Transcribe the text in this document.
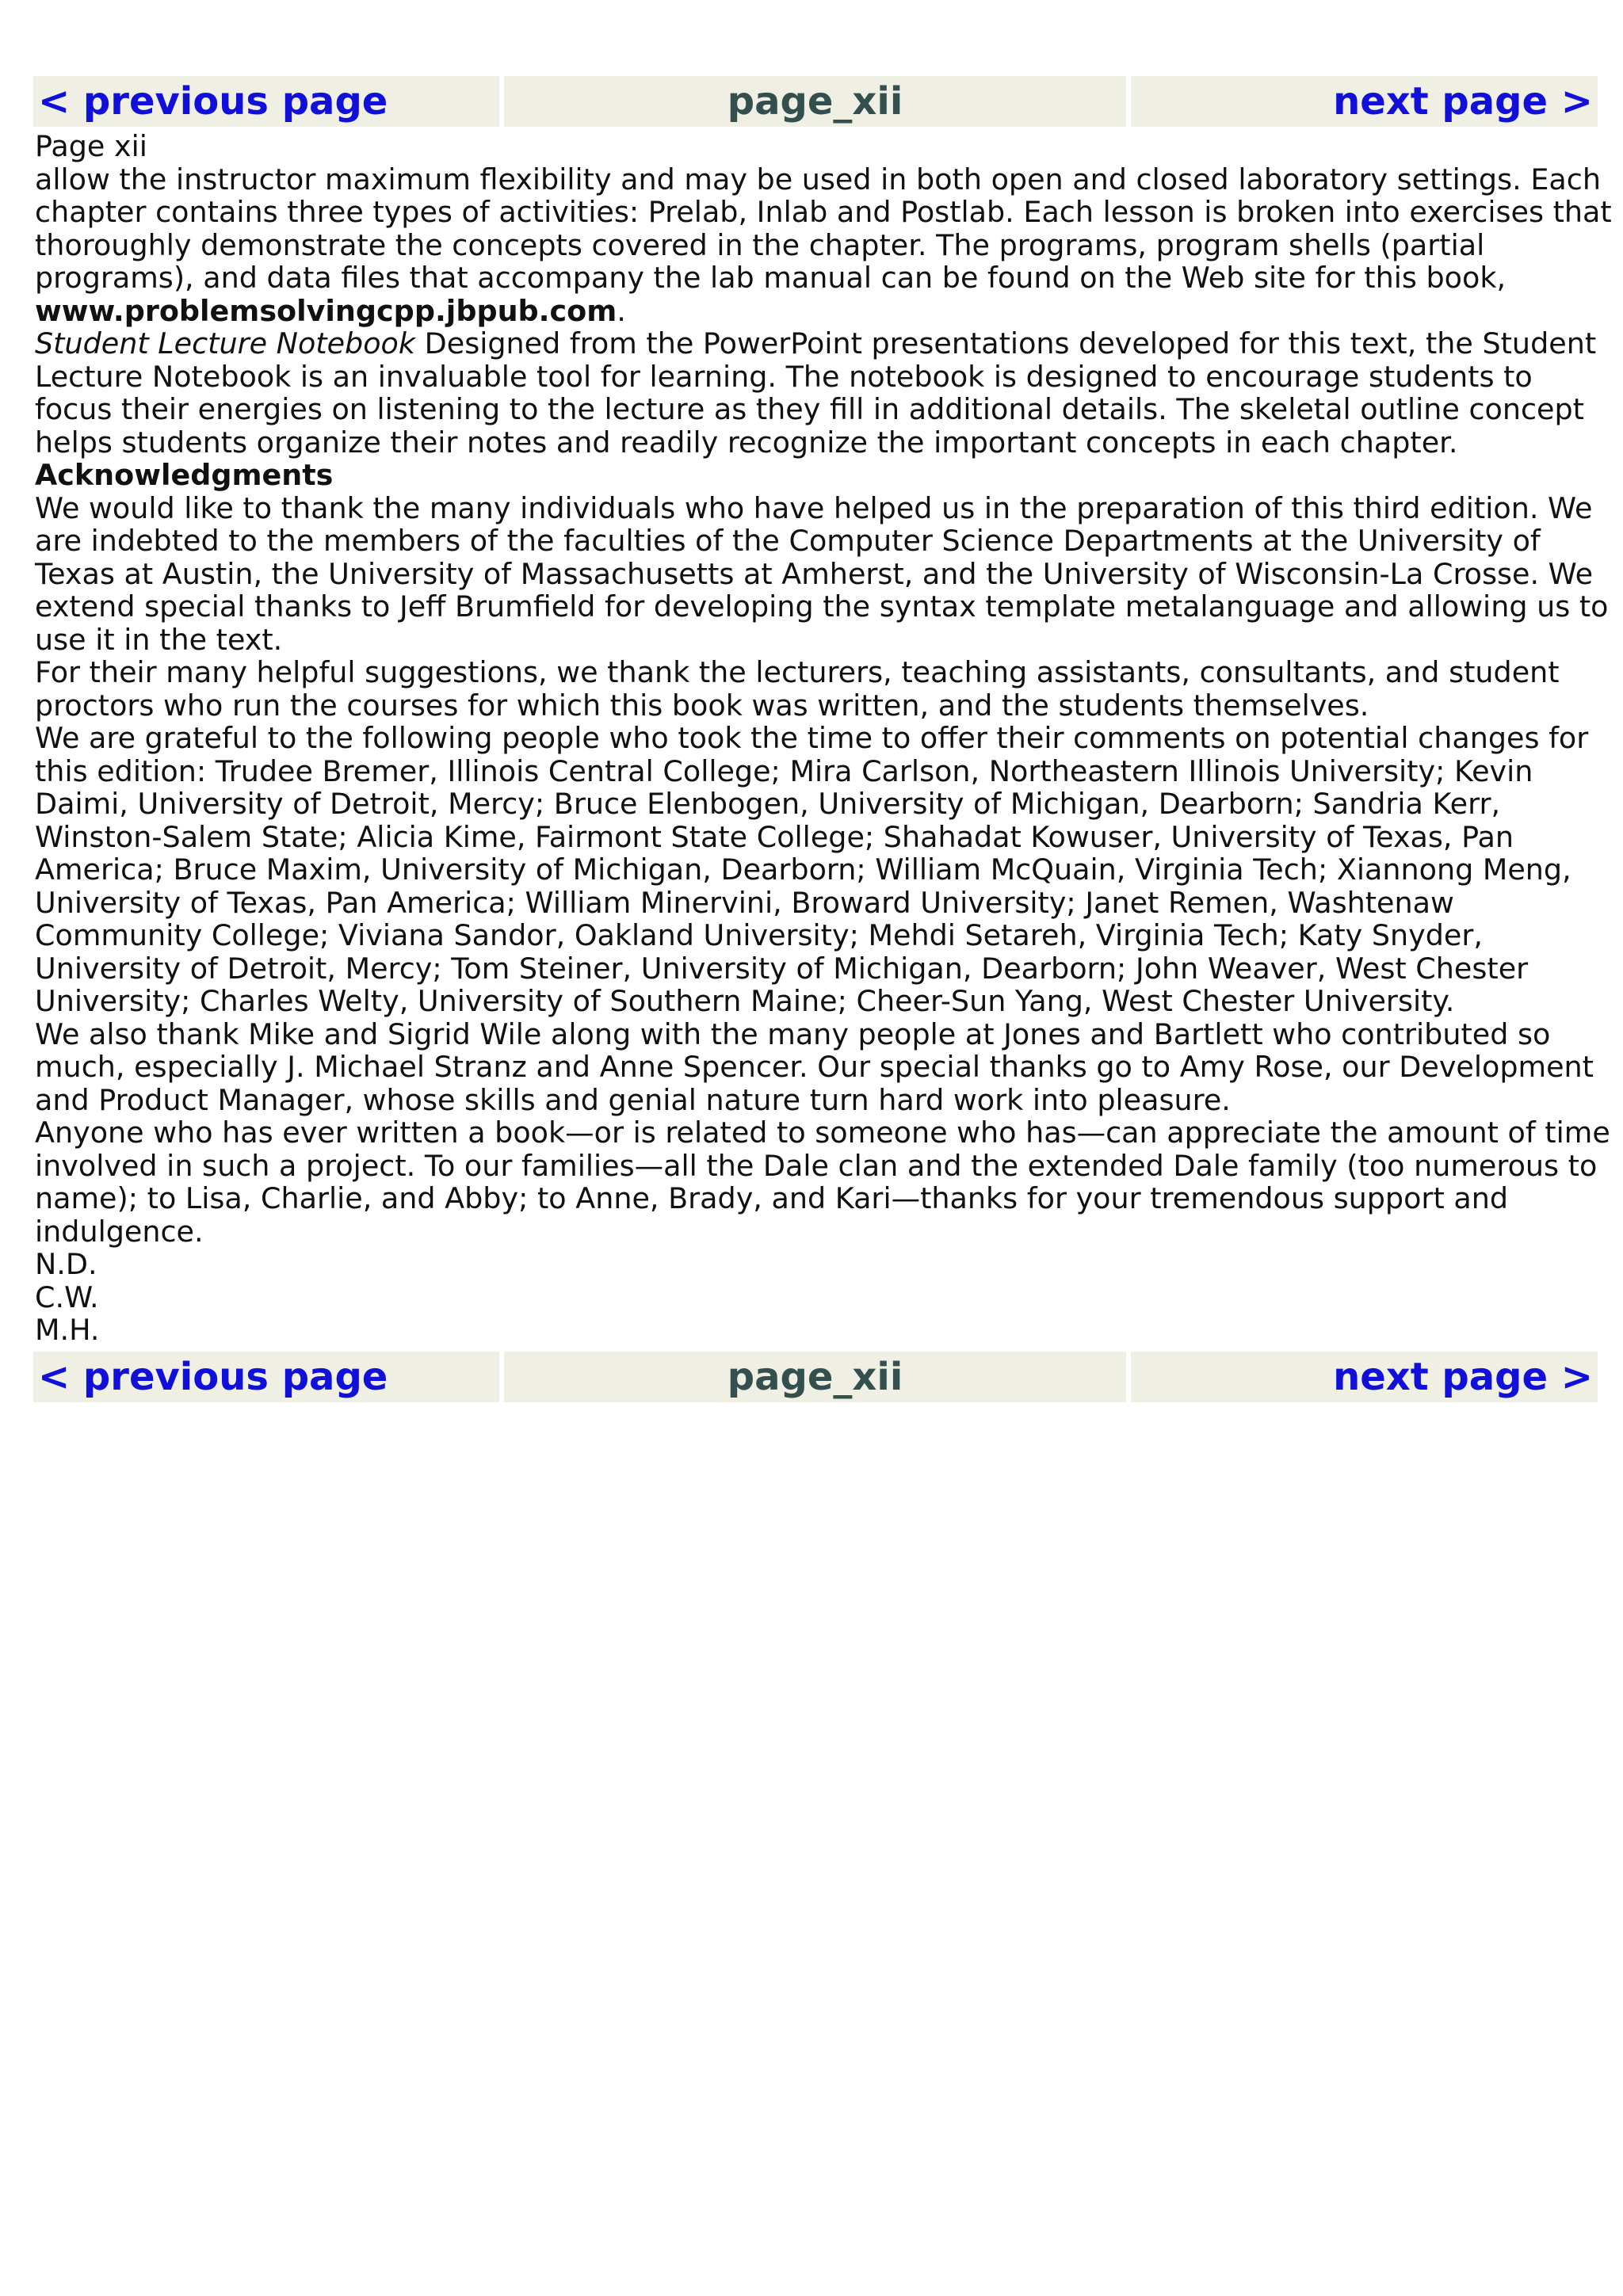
< previous page	page_xii	next page >

Page xii

allow the instructor maximum flexibility and may be used in both open and closed laboratory settings. Each chapter contains three types of activities: Prelab, Inlab and Postlab. Each lesson is broken into exercises that thoroughly demonstrate the concepts covered in the chapter. The programs, program shells (partial programs), and data files that accompany the lab manual can be found on the Web site for this book, www.problemsolvingcpp.jbpub.com.

Student Lecture Notebook Designed from the PowerPoint presentations developed for this text, the Student Lecture Notebook is an invaluable tool for learning. The notebook is designed to encourage students to focus their energies on listening to the lecture as they fill in additional details. The skeletal outline concept helps students organize their notes and readily recognize the important concepts in each chapter.

Acknowledgments

We would like to thank the many individuals who have helped us in the preparation of this third edition. We are indebted to the members of the faculties of the Computer Science Departments at the University of Texas at Austin, the University of Massachusetts at Amherst, and the University of Wisconsin-La Crosse. We extend special thanks to Jeff Brumfield for developing the syntax template metalanguage and allowing us to use it in the text.

For their many helpful suggestions, we thank the lecturers, teaching assistants, consultants, and student proctors who run the courses for which this book was written, and the students themselves.

We are grateful to the following people who took the time to offer their comments on potential changes for this edition: Trudee Bremer, Illinois Central College; Mira Carlson, Northeastern Illinois University; Kevin Daimi, University of Detroit, Mercy; Bruce Elenbogen, University of Michigan, Dearborn; Sandria Kerr, Winston-Salem State; Alicia Kime, Fairmont State College; Shahadat Kowuser, University of Texas, Pan America; Bruce Maxim, University of Michigan, Dearborn; William McQuain, Virginia Tech; Xiannong Meng, University of Texas, Pan America; William Minervini, Broward University; Janet Remen, Washtenaw Community College; Viviana Sandor, Oakland University; Mehdi Setareh, Virginia Tech; Katy Snyder, University of Detroit, Mercy; Tom Steiner, University of Michigan, Dearborn; John Weaver, West Chester University; Charles Welty, University of Southern Maine; Cheer-Sun Yang, West Chester University.

We also thank Mike and Sigrid Wile along with the many people at Jones and Bartlett who contributed so much, especially J. Michael Stranz and Anne Spencer. Our special thanks go to Amy Rose, our Development and Product Manager, whose skills and genial nature turn hard work into pleasure.

Anyone who has ever written a book—or is related to someone who has—can appreciate the amount of time involved in such a project. To our families—all the Dale clan and the extended Dale family (too numerous to name); to Lisa, Charlie, and Abby; to Anne, Brady, and Kari—thanks for your tremendous support and indulgence.

N.D.

C.W.

M.H.

< previous page	page_xii	next page >
